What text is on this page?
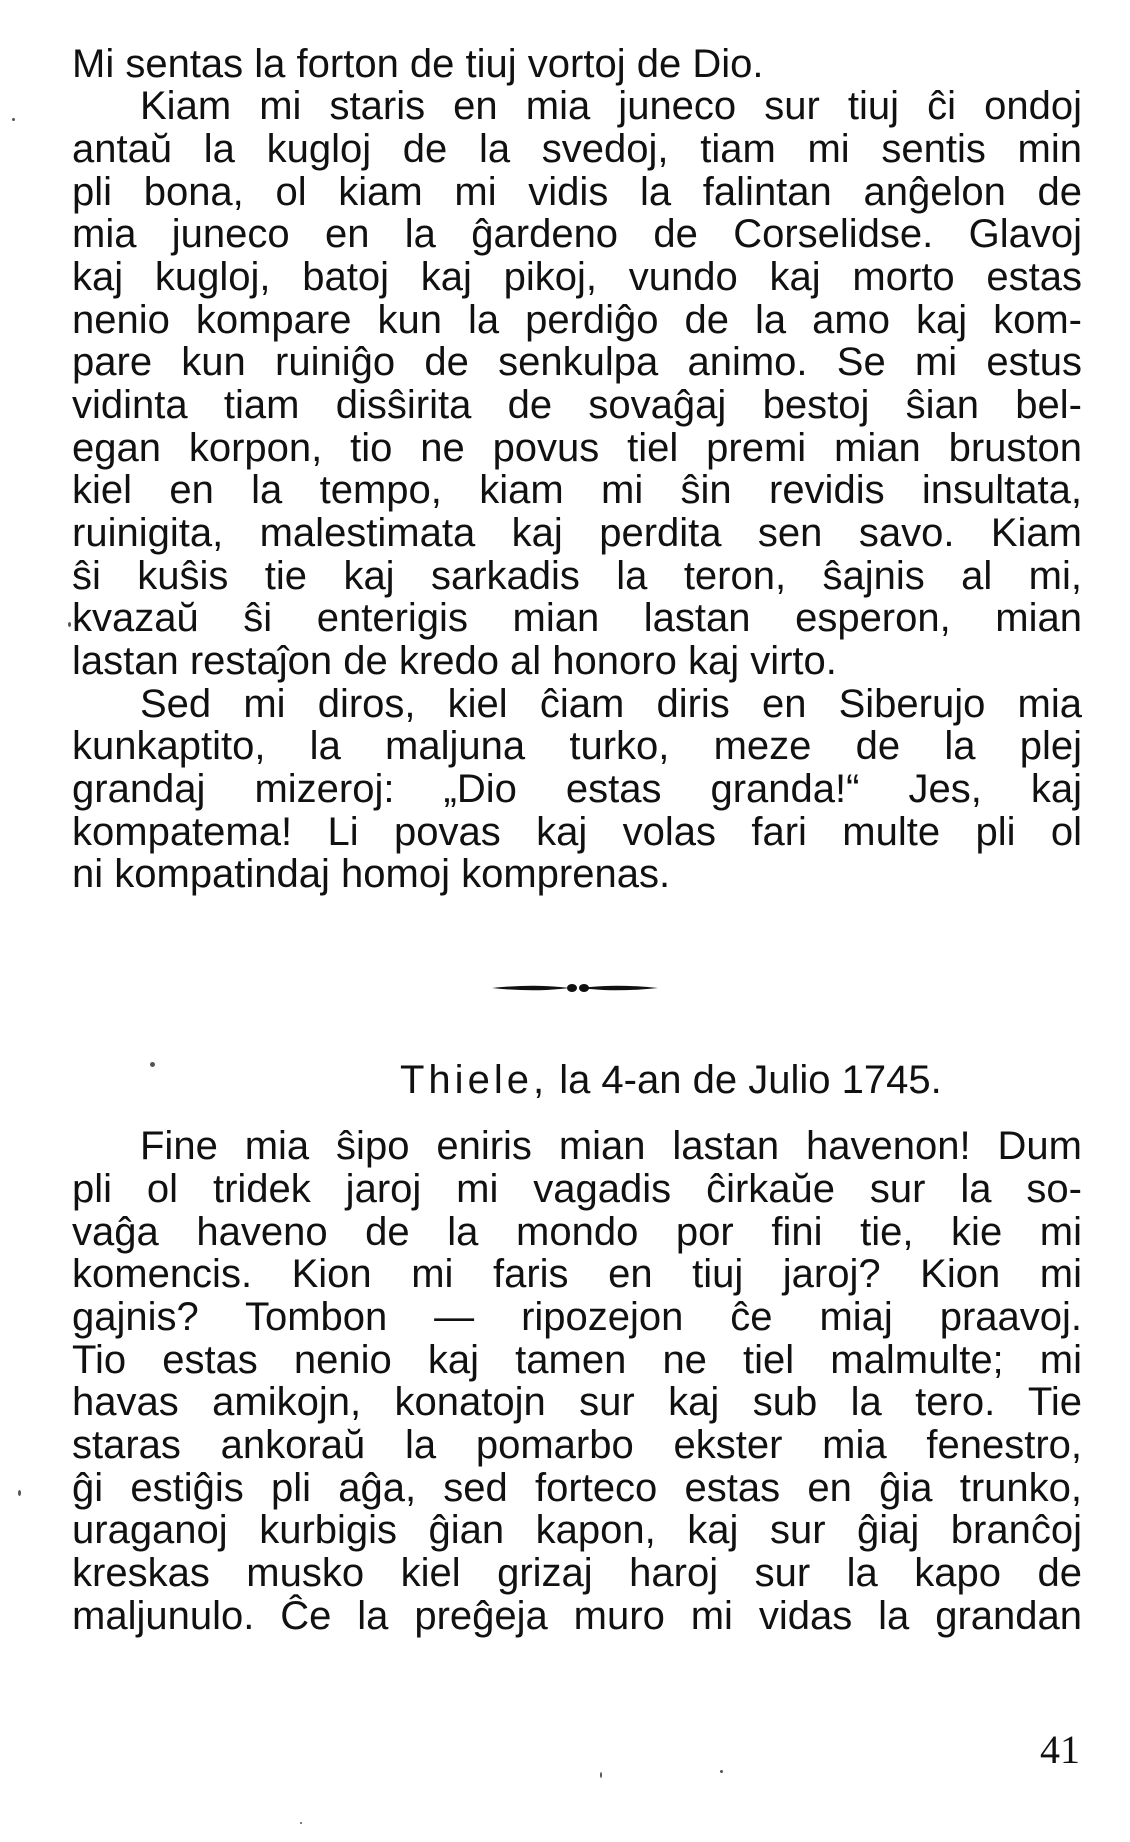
Mi sentas la forton de tiuj vortoj de Dio.
Kiam mi staris en mia juneco sur tiuj ĉi ondoj
antaŭ la kugloj de la svedoj, tiam mi sentis min
pli bona, ol kiam mi vidis la falintan anĝelon de
mia juneco en la ĝardeno de Corselidse. Glavoj
kaj kugloj, batoj kaj pikoj, vundo kaj morto estas
nenio kompare kun la perdiĝo de la amo kaj kom-
pare kun ruiniĝo de senkulpa animo. Se mi estus
vidinta tiam disŝirita de sovaĝaj bestoj ŝian bel-
egan korpon, tio ne povus tiel premi mian bruston
kiel en la tempo, kiam mi ŝin revidis insultata,
ruinigita, malestimata kaj perdita sen savo. Kiam
ŝi kuŝis tie kaj sarkadis la teron, ŝajnis al mi,
kvazaŭ ŝi enterigis mian lastan esperon, mian
lastan restaĵon de kredo al honoro kaj virto.
Sed mi diros, kiel ĉiam diris en Siberujo mia
kunkaptito, la maljuna turko, meze de la plej
grandaj mizeroj: „Dio estas granda!“ Jes, kaj
kompatema! Li povas kaj volas fari multe pli ol
ni kompatindaj homoj komprenas.
Thiele, la 4-an de Julio 1745.
Fine mia ŝipo eniris mian lastan havenon! Dum
pli ol tridek jaroj mi vagadis ĉirkaŭe sur la so-
vaĝa haveno de la mondo por fini tie, kie mi
komencis. Kion mi faris en tiuj jaroj? Kion mi
gajnis? Tombon — ripozejon ĉe miaj praavoj.
Tio estas nenio kaj tamen ne tiel malmulte; mi
havas amikojn, konatojn sur kaj sub la tero. Tie
staras ankoraŭ la pomarbo ekster mia fenestro,
ĝi estiĝis pli aĝa, sed forteco estas en ĝia trunko,
uraganoj kurbigis ĝian kapon, kaj sur ĝiaj branĉoj
kreskas musko kiel grizaj haroj sur la kapo de
maljunulo. Ĉe la preĝeja muro mi vidas la grandan
41
